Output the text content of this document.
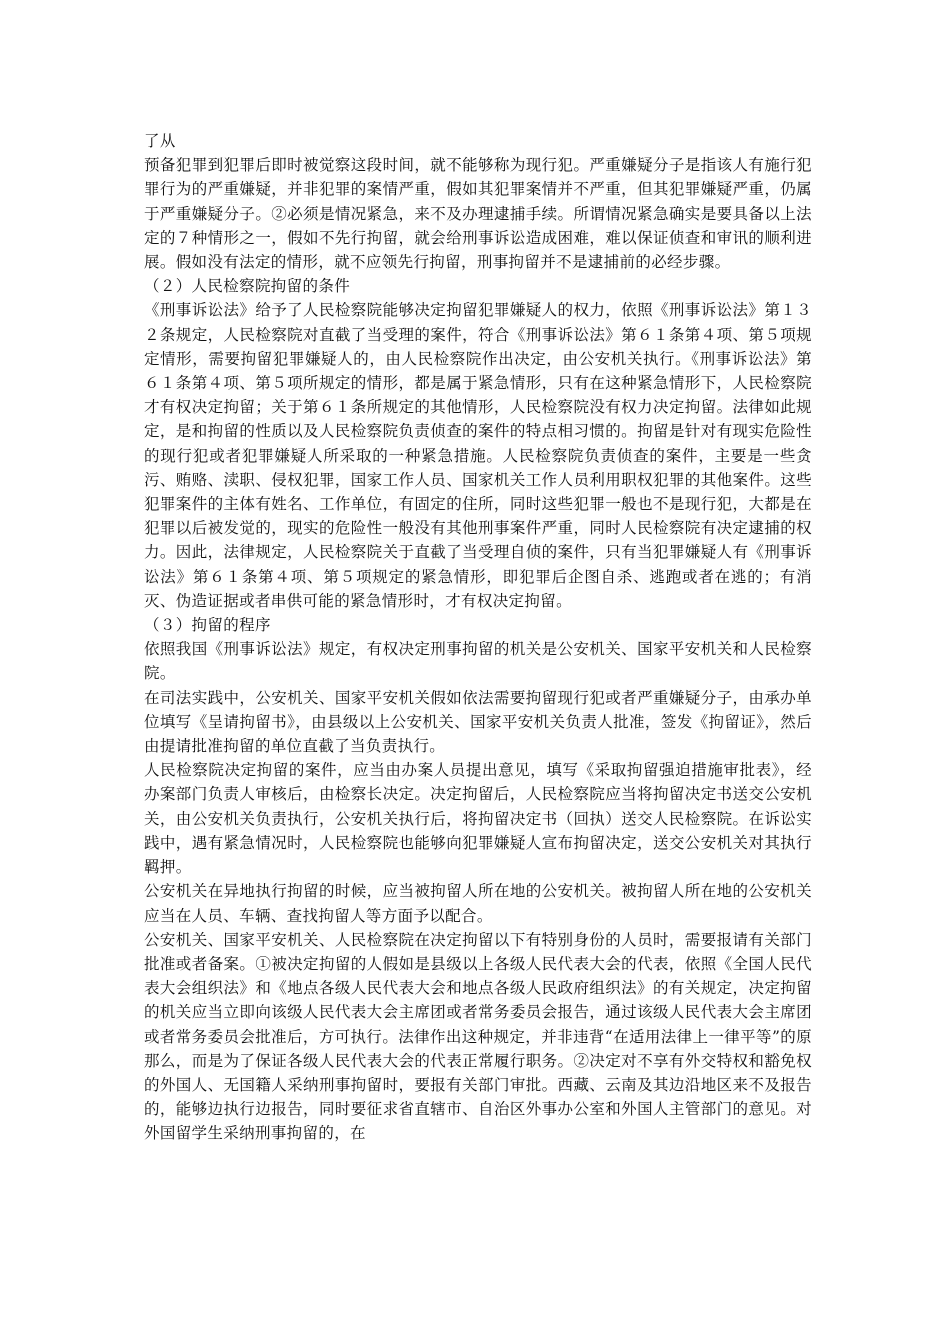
了从

预备犯罪到犯罪后即时被觉察这段时间，就不能够称为现行犯。严重嫌疑分子是指该人有施行犯罪行为的严重嫌疑，并非犯罪的案情严重，假如其犯罪案情并不严重，但其犯罪嫌疑严重，仍属于严重嫌疑分子。②必须是情况紧急，来不及办理逮捕手续。所谓情况紧急确实是要具备以上法定的７种情形之一，假如不先行拘留，就会给刑事诉讼造成困难，难以保证侦查和审讯的顺利进展。假如没有法定的情形，就不应领先行拘留，刑事拘留并不是逮捕前的必经步骤。

（２）人民检察院拘留的条件

《刑事诉讼法》给予了人民检察院能够决定拘留犯罪嫌疑人的权力，依照《刑事诉讼法》第１３２条规定，人民检察院对直截了当受理的案件，符合《刑事诉讼法》第６１条第４项、第５项规定情形，需要拘留犯罪嫌疑人的，由人民检察院作出决定，由公安机关执行。《刑事诉讼法》第６１条第４项、第５项所规定的情形，都是属于紧急情形，只有在这种紧急情形下，人民检察院才有权决定拘留；关于第６１条所规定的其他情形，人民检察院没有权力决定拘留。法律如此规定，是和拘留的性质以及人民检察院负责侦查的案件的特点相习惯的。拘留是针对有现实危险性的现行犯或者犯罪嫌疑人所采取的一种紧急措施。人民检察院负责侦查的案件，主要是一些贪污、贿赂、渎职、侵权犯罪，国家工作人员、国家机关工作人员利用职权犯罪的其他案件。这些犯罪案件的主体有姓名、工作单位，有固定的住所，同时这些犯罪一般也不是现行犯，大都是在犯罪以后被发觉的，现实的危险性一般没有其他刑事案件严重，同时人民检察院有决定逮捕的权力。因此，法律规定，人民检察院关于直截了当受理自侦的案件，只有当犯罪嫌疑人有《刑事诉讼法》第６１条第４项、第５项规定的紧急情形，即犯罪后企图自杀、逃跑或者在逃的；有消灭、伪造证据或者串供可能的紧急情形时，才有权决定拘留。

（３）拘留的程序

依照我国《刑事诉讼法》规定，有权决定刑事拘留的机关是公安机关、国家平安机关和人民检察院。

在司法实践中，公安机关、国家平安机关假如依法需要拘留现行犯或者严重嫌疑分子，由承办单位填写《呈请拘留书》，由县级以上公安机关、国家平安机关负责人批准，签发《拘留证》，然后由提请批准拘留的单位直截了当负责执行。

人民检察院决定拘留的案件，应当由办案人员提出意见，填写《采取拘留强迫措施审批表》，经办案部门负责人审核后，由检察长决定。决定拘留后，人民检察院应当将拘留决定书送交公安机关，由公安机关负责执行，公安机关执行后，将拘留决定书（回执）送交人民检察院。在诉讼实践中，遇有紧急情况时，人民检察院也能够向犯罪嫌疑人宣布拘留决定，送交公安机关对其执行羁押。

公安机关在异地执行拘留的时候，应当被拘留人所在地的公安机关。被拘留人所在地的公安机关应当在人员、车辆、查找拘留人等方面予以配合。

公安机关、国家平安机关、人民检察院在决定拘留以下有特别身份的人员时，需要报请有关部门批准或者备案。①被决定拘留的人假如是县级以上各级人民代表大会的代表，依照《全国人民代表大会组织法》和《地点各级人民代表大会和地点各级人民政府组织法》的有关规定，决定拘留的机关应当立即向该级人民代表大会主席团或者常务委员会报告，通过该级人民代表大会主席团或者常务委员会批准后，方可执行。法律作出这种规定，并非违背“在适用法律上一律平等”的原那么，而是为了保证各级人民代表大会的代表正常履行职务。②决定对不享有外交特权和豁免权的外国人、无国籍人采纳刑事拘留时，要报有关部门审批。西藏、云南及其边沿地区来不及报告的，能够边执行边报告，同时要征求省直辖市、自治区外事办公室和外国人主管部门的意见。对外国留学生采纳刑事拘留的，在
